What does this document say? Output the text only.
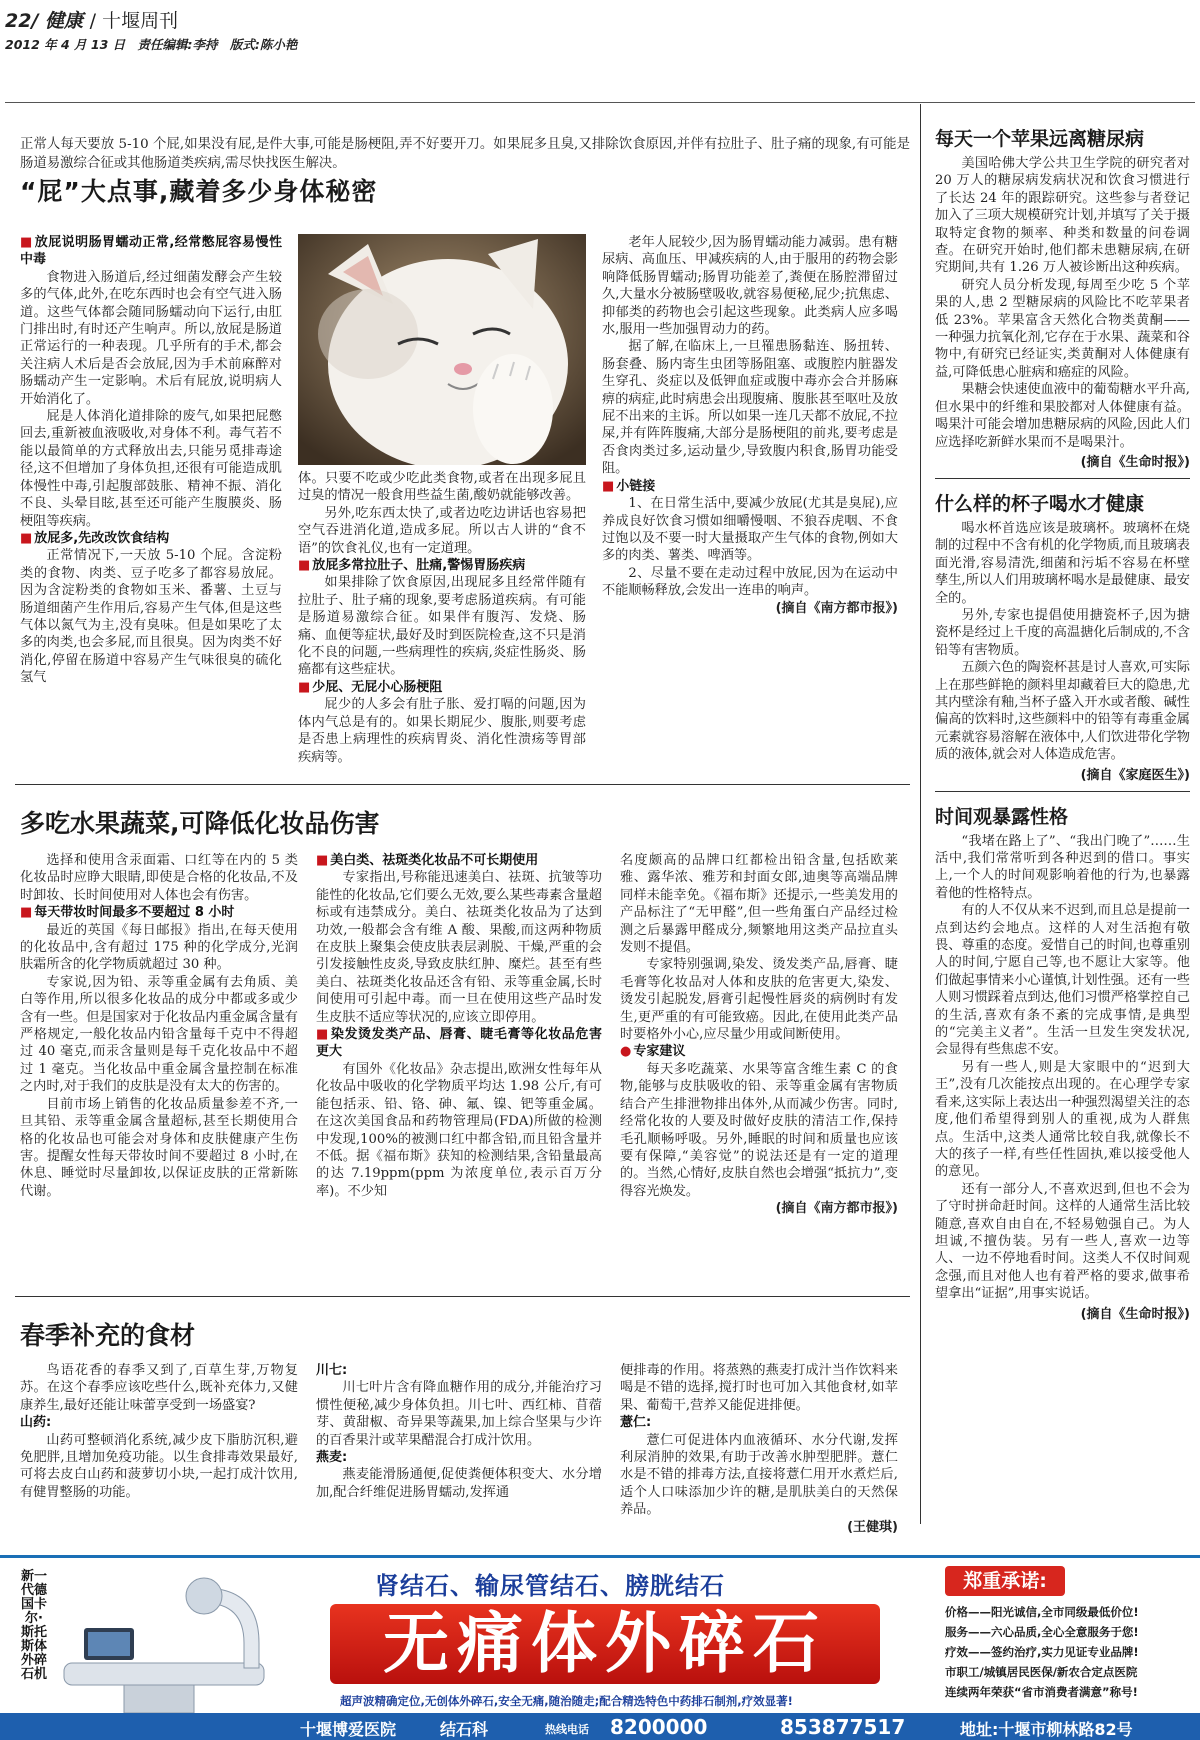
22/ 健康 / 十堰周刊
2012 年 4 月 13 日 责任编辑:李持 版式:陈小艳
正常人每天要放 5-10 个屁,如果没有屁,是件大事,可能是肠梗阻,弄不好要开刀。如果屁多且臭,又排除饮食原因,并伴有拉肚子、肚子痛的现象,有可能是肠道易激综合征或其他肠道类疾病,需尽快找医生解决。
“屁”大点事,藏着多少身体秘密
■ 放屁说明肠胃蠕动正常,经常憋屁容易慢性中毒

食物进入肠道后,经过细菌发酵会产生较多的气体,此外,在吃东西时也会有空气进入肠道。这些气体都会随同肠蠕动向下运行,由肛门排出时,有时还产生响声。所以,放屁是肠道正常运行的一种表现。几乎所有的手术,都会关注病人术后是否会放屁,因为手术前麻醉对肠蠕动产生一定影响。术后有屁放,说明病人开始消化了。

屁是人体消化道排除的废气,如果把屁憋回去,重新被血液吸收,对身体不利。毒气若不能以最简单的方式释放出去,只能另觅排毒途径,这不但增加了身体负担,还很有可能造成肌体慢性中毒,引起腹部鼓胀、精神不振、消化不良、头晕目眩,甚至还可能产生腹膜炎、肠梗阻等疾病。

■ 放屁多,先改改饮食结构

正常情况下,一天放 5-10 个屁。含淀粉类的食物、肉类、豆子吃多了都容易放屁。因为含淀粉类的食物如玉米、番薯、土豆与肠道细菌产生作用后,容易产生气体,但是这些气体以氮气为主,没有臭味。但是如果吃了太多的肉类,也会多屁,而且很臭。因为肉类不好消化,停留在肠道中容易产生气味很臭的硫化氢气

体。只要不吃或少吃此类食物,或者在出现多屁且过臭的情况一般食用些益生菌,酸奶就能够改善。

另外,吃东西太快了,或者边吃边讲话也容易把空气吞进消化道,造成多屁。所以古人讲的“食不语”的饮食礼仪,也有一定道理。

■ 放屁多常拉肚子、肚痛,警惕胃肠疾病

如果排除了饮食原因,出现屁多且经常伴随有拉肚子、肚子痛的现象,要考虑肠道疾病。有可能是肠道易激综合征。如果伴有腹泻、发烧、肠痛、血便等症状,最好及时到医院检查,这不只是消化不良的问题,一些病理性的疾病,炎症性肠炎、肠癌都有这些症状。

■ 少屁、无屁小心肠梗阻

屁少的人多会有肚子胀、爱打嗝的问题,因为体内气总是有的。如果长期屁少、腹胀,则要考虑是否患上病理性的疾病胃炎、消化性溃疡等胃部疾病等。

老年人屁较少,因为肠胃蠕动能力减弱。患有糖尿病、高血压、甲减疾病的人,由于服用的药物会影响降低肠胃蠕动;肠胃功能差了,粪便在肠腔滞留过久,大量水分被肠壁吸收,就容易便秘,屁少;抗焦虑、抑郁类的药物也会引起这些现象。此类病人应多喝水,服用一些加强胃动力的药。

据了解,在临床上,一旦罹患肠黏连、肠扭转、肠套叠、肠内寄生虫团等肠阻塞、或腹腔内脏器发生穿孔、炎症以及低钾血症或腹中毒亦会合并肠麻痹的病症,此时病患会出现腹痛、腹胀甚至呕吐及放屁不出来的主诉。所以如果一连几天都不放屁,不拉屎,并有阵阵腹痛,大部分是肠梗阻的前兆,要考虑是否食肉类过多,运动量少,导致腹内积食,肠胃功能受阻。

■ 小链接

1、在日常生活中,要减少放屁(尤其是臭屁),应养成良好饮食习惯如细嚼慢咽、不狼吞虎咽、不食过饱以及不要一时大量摄取产生气体的食物,例如大多的肉类、薯类、啤酒等。

2、尽量不要在走动过程中放屁,因为在运动中不能顺畅释放,会发出一连串的响声。

(摘自《南方都市报》)
多吃水果蔬菜,可降低化妆品伤害

选择和使用含汞面霜、口红等在内的 5 类化妆品时应睁大眼睛,即使是合格的化妆品,不及时卸妆、长时间使用对人体也会有伤害。

■ 每天带妆时间最多不要超过 8 小时

最近的英国《每日邮报》指出,在每天使用的化妆品中,含有超过 175 种的化学成分,光润肤霜所含的化学物质就超过 30 种。

专家说,因为铅、汞等重金属有去角质、美白等作用,所以很多化妆品的成分中都或多或少含有一些。但是国家对于化妆品内重金属含量有严格规定,一般化妆品内铅含量每千克中不得超过 40 毫克,而汞含量则是每千克化妆品中不超过 1 毫克。当化妆品中重金属含量控制在标准之内时,对于我们的皮肤是没有太大的伤害的。

目前市场上销售的化妆品质量参差不齐,一旦其铅、汞等重金属含量超标,甚至长期使用合格的化妆品也可能会对身体和皮肤健康产生伤害。提醒女性每天带妆时间不要超过 8 小时,在休息、睡觉时尽量卸妆,以保证皮肤的正常新陈代谢。

■ 美白类、祛斑类化妆品不可长期使用

专家指出,号称能迅速美白、祛斑、抗皱等功能性的化妆品,它们要么无效,要么某些毒素含量超标或有违禁成分。美白、祛斑类化妆品为了达到功效,一般都会含有维 A 酸、果酸,而这两种物质在皮肤上聚集会使皮肤表层剥脱、干燥,严重的会引发接触性皮炎,导致皮肤红肿、糜烂。甚至有些美白、祛斑类化妆品还含有铅、汞等重金属,长时间使用可引起中毒。而一旦在使用这些产品时发生皮肤不适应等状况的,应该立即停用。

■ 染发烫发类产品、唇膏、睫毛膏等化妆品危害更大

有国外《化妆品》杂志提出,欧洲女性每年从化妆品中吸收的化学物质平均达 1.98 公斤,有可能包括汞、铅、铬、砷、氟、镍、钯等重金属。在这次美国食品和药物管理局(FDA)所做的检测中发现,100%的被测口红中都含铅,而且铅含量并不低。据《福布斯》获知的检测结果,含铅量最高的达 7.19ppm(ppm 为浓度单位,表示百万分率)。不少知

名度颇高的品牌口红都检出铅含量,包括欧莱雅、露华浓、雅芳和封面女郎,迪奥等高端品牌同样未能幸免。《福布斯》还提示,一些美发用的产品标注了“无甲醛”,但一些角蛋白产品经过检测之后暴露甲醛成分,频繁地用这类产品拉直头发则不提倡。

专家特别强调,染发、烫发类产品,唇膏、睫毛膏等化妆品对人体和皮肤的危害更大,染发、烫发引起脱发,唇膏引起慢性唇炎的病例时有发生,更严重的有可能致癌。因此,在使用此类产品时要格外小心,应尽量少用或间断使用。

● 专家建议

每天多吃蔬菜、水果等富含维生素 C 的食物,能够与皮肤吸收的铅、汞等重金属有害物质结合产生排泄物排出体外,从而减少伤害。同时,经常化妆的人要及时做好皮肤的清洁工作,保持毛孔顺畅呼吸。另外,睡眠的时间和质量也应该要有保障,“美容觉”的说法还是有一定的道理的。当然,心情好,皮肤自然也会增强“抵抗力”,变得容光焕发。

(摘自《南方都市报》)
春季补充的食材

鸟语花香的春季又到了,百草生芽,万物复苏。在这个春季应该吃些什么,既补充体力,又健康养生,最好还能让味蕾享受到一场盛宴?

山药:

山药可整顿消化系统,减少皮下脂肪沉积,避免肥胖,且增加免疫功能。以生食排毒效果最好,可将去皮白山药和菠萝切小块,一起打成汁饮用,有健胃整肠的功能。

川七:

川七叶片含有降血糖作用的成分,并能治疗习惯性便秘,减少身体负担。川七叶、西红柿、苜蓿芽、黄甜椒、奇异果等蔬果,加上综合坚果与少许的百香果汁或苹果醋混合打成汁饮用。

燕麦:

燕麦能滑肠通便,促使粪便体积变大、水分增加,配合纤维促进肠胃蠕动,发挥通

便排毒的作用。将蒸熟的燕麦打成汁当作饮料来喝是不错的选择,搅打时也可加入其他食材,如苹果、葡萄干,营养又能促进排便。

薏仁:

薏仁可促进体内血液循环、水分代谢,发挥利尿消肿的效果,有助于改善水肿型肥胖。薏仁水是不错的排毒方法,直接将薏仁用开水煮烂后,适个人口味添加少许的糖,是肌肤美白的天然保养品。

(王健琪)
每天一个苹果远离糖尿病

美国哈佛大学公共卫生学院的研究者对 20 万人的糖尿病发病状况和饮食习惯进行了长达 24 年的跟踪研究。这些参与者登记加入了三项大规模研究计划,并填写了关于摄取特定食物的频率、种类和数量的问卷调查。在研究开始时,他们都未患糖尿病,在研究期间,共有 1.26 万人被诊断出这种疾病。

研究人员分析发现,每周至少吃 5 个苹果的人,患 2 型糖尿病的风险比不吃苹果者低 23%。苹果富含天然化合物类黄酮——一种强力抗氧化剂,它存在于水果、蔬菜和谷物中,有研究已经证实,类黄酮对人体健康有益,可降低患心脏病和癌症的风险。

果糖会快速使血液中的葡萄糖水平升高,但水果中的纤维和果胶都对人体健康有益。喝果汁可能会增加患糖尿病的风险,因此人们应选择吃新鲜水果而不是喝果汁。

(摘自《生命时报》)
什么样的杯子喝水才健康

喝水杯首选应该是玻璃杯。玻璃杯在烧制的过程中不含有机的化学物质,而且玻璃表面光滑,容易清洗,细菌和污垢不容易在杯壁孳生,所以人们用玻璃杯喝水是最健康、最安全的。

另外,专家也提倡使用搪瓷杯子,因为搪瓷杯是经过上千度的高温搪化后制成的,不含铅等有害物质。

五颜六色的陶瓷杯甚是讨人喜欢,可实际上在那些鲜艳的颜料里却藏着巨大的隐患,尤其内壁涂有釉,当杯子盛入开水或者酸、碱性偏高的饮料时,这些颜料中的铅等有毒重金属元素就容易溶解在液体中,人们饮进带化学物质的液体,就会对人体造成危害。

(摘自《家庭医生》)
时间观暴露性格

“我堵在路上了”、“我出门晚了”……生活中,我们常常听到各种迟到的借口。事实上,一个人的时间观影响着他的行为,也暴露着他的性格特点。

有的人不仅从来不迟到,而且总是提前一点到达约会地点。这样的人对生活抱有敬畏、尊重的态度。爱惜自己的时间,也尊重别人的时间,宁愿自己等,也不愿让大家等。他们做起事情来小心谨慎,计划性强。还有一些人则习惯踩着点到达,他们习惯严格掌控自己的生活,喜欢有条不紊的完成事情,是典型的“完美主义者”。生活一旦发生突发状况,会显得有些焦虑不安。

另有一些人,则是大家眼中的“迟到大王”,没有几次能按点出现的。在心理学专家看来,这实际上表达出一种强烈渴望关注的态度,他们希望得到别人的重视,成为人群焦点。生活中,这类人通常比较自我,就像长不大的孩子一样,有些任性固执,难以接受他人的意见。

还有一部分人,不喜欢迟到,但也不会为了守时拼命赶时间。这样的人通常生活比较随意,喜欢自由自在,不轻易勉强自己。为人坦诚,不擅伪装。另有一些人,喜欢一边等人、一边不停地看时间。这类人不仅时间观念强,而且对他人也有着严格的要求,做事希望拿出“证据”,用事实说话。

(摘自《生命时报》)
新一代德国卡尔·斯托斯体外碎石机
肾结石、输尿管结石、膀胱结石
无痛体外碎石
超声波精确定位,无创体外碎石,安全无痛,随治随走;配合精选特色中药排石制剂,疗效显著!
郑重承诺:
价格——阳光诚信,全市同级最低价位!
服务——六心品质,全心全意服务于您!
疗效——签约治疗,实力见证专业品牌!
市职工/城镇居民医保/新农合定点医院
连续两年荣获“省市消费者满意”称号!
十堰博爱医院	结石科	热线电话 8200000	853877517	地址:十堰市柳林路82号
